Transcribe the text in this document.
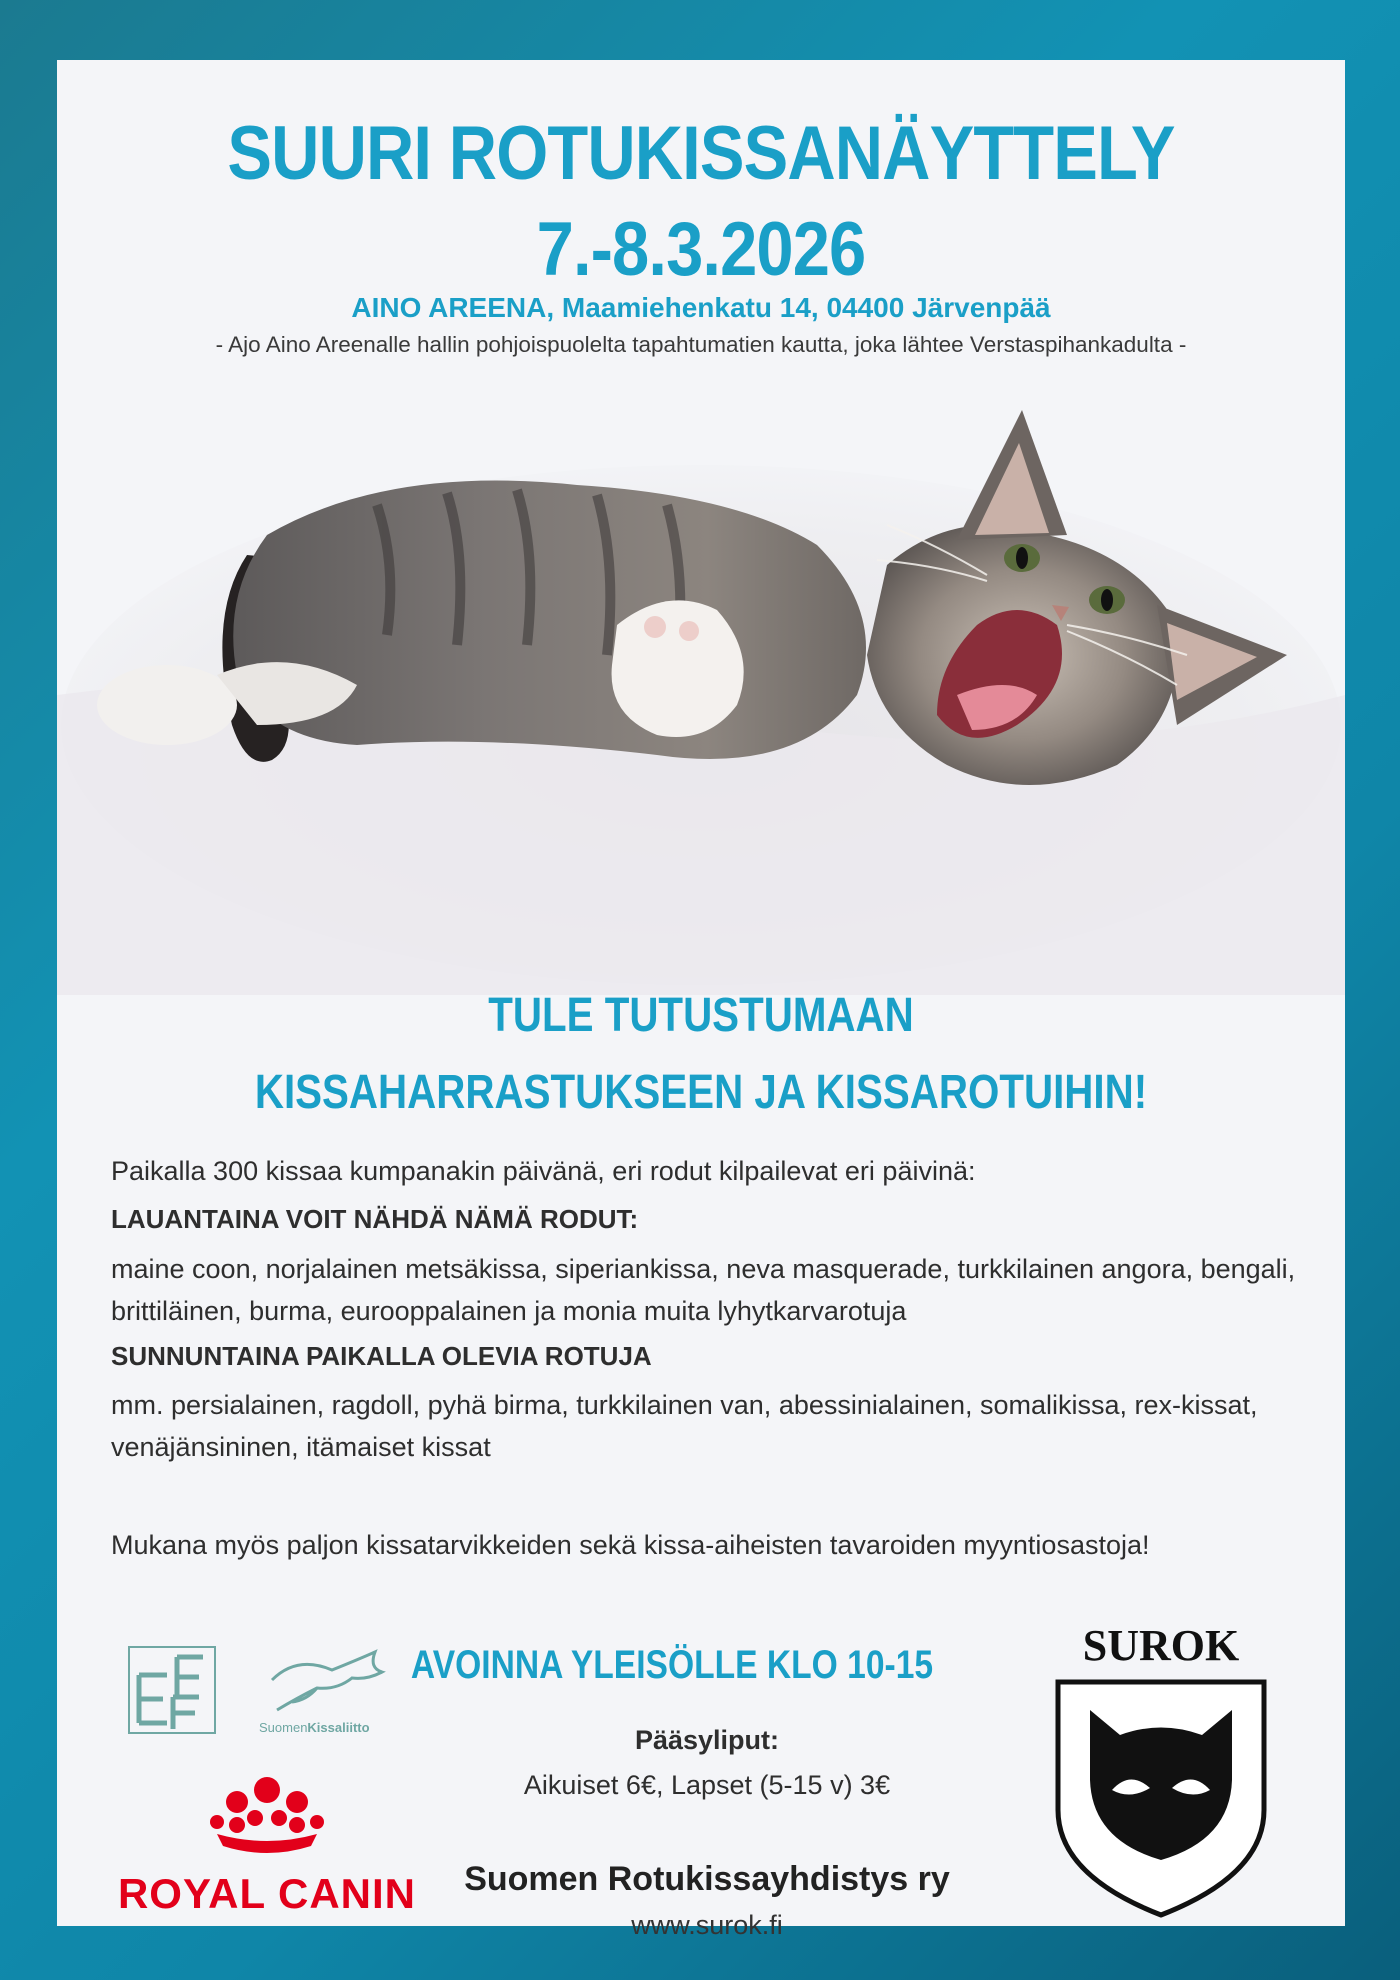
SUURI ROTUKISSANÄYTTELY
7.-8.3.2026
AINO AREENA, Maamiehenkatu 14, 04400 Järvenpää
- Ajo Aino Areenalle hallin pohjoispuolelta tapahtumatien kautta, joka lähtee Verstaspihankadulta -
TULE TUTUSTUMAAN
KISSAHARRASTUKSEEN JA KISSAROTUIHIN!
Paikalla 300 kissaa kumpanakin päivänä, eri rodut kilpailevat eri päivinä:
LAUANTAINA VOIT NÄHDÄ NÄMÄ RODUT:
maine coon, norjalainen metsäkissa, siperiankissa, neva masquerade, turkkilainen angora, bengali, brittiläinen, burma, eurooppalainen ja monia muita lyhytkarvarotuja
SUNNUNTAINA PAIKALLA OLEVIA ROTUJA
mm. persialainen, ragdoll, pyhä birma, turkkilainen van, abessinialainen, somalikissa, rex-kissat, venäjänsininen, itämaiset kissat
Mukana myös paljon kissatarvikkeiden sekä kissa-aiheisten tavaroiden myyntiosastoja!
AVOINNA YLEISÖLLE KLO 10-15
Pääsyliput:
Aikuiset 6€, Lapset (5-15 v) 3€
Suomen Rotukissayhdistys ry
www.surok.fi
SuomenKissaliitto
ROYAL CANIN
SUROK
